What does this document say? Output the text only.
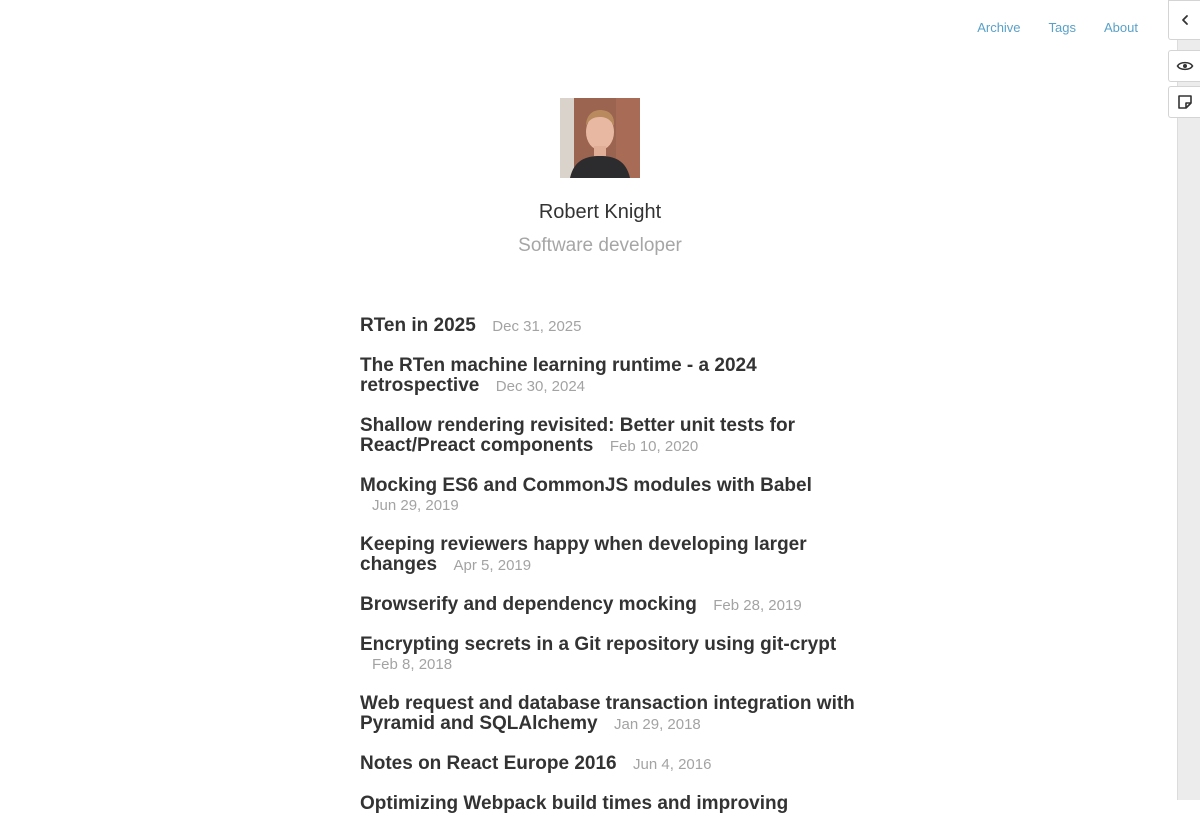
Archive Tags About
Robert Knight
Software developer
RTen in 2025 Dec 31, 2025
The RTen machine learning runtime - a 2024 retrospective Dec 30, 2024
Shallow rendering revisited: Better unit tests for React/Preact components Feb 10, 2020
Mocking ES6 and CommonJS modules with Babel Jun 29, 2019
Keeping reviewers happy when developing larger changes Apr 5, 2019
Browserify and dependency mocking Feb 28, 2019
Encrypting secrets in a Git repository using git-crypt Feb 8, 2018
Web request and database transaction integration with Pyramid and SQLAlchemy Jan 29, 2018
Notes on React Europe 2016 Jun 4, 2016
Optimizing Webpack build times and improving
